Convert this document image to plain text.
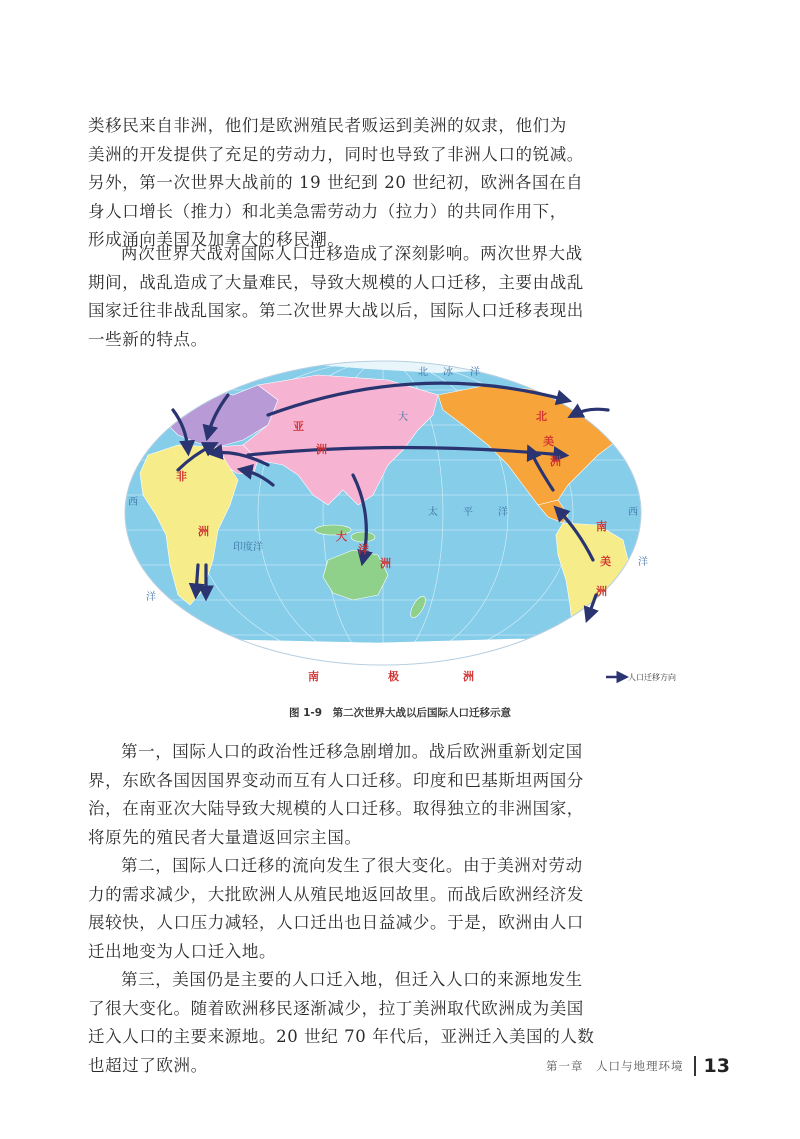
类移民来自非洲，他们是欧洲殖民者贩运到美洲的奴隶，他们为
美洲的开发提供了充足的劳动力，同时也导致了非洲人口的锐减。
另外，第一次世界大战前的 19 世纪到 20 世纪初，欧洲各国在自
身人口增长（推力）和北美急需劳动力（拉力）的共同作用下，
形成涌向美国及加拿大的移民潮。
两次世界大战对国际人口迁移造成了深刻影响。两次世界大战
期间，战乱造成了大量难民，导致大规模的人口迁移，主要由战乱
国家迁往非战乱国家。第二次世界大战以后，国际人口迁移表现出
一些新的特点。
北 冰 洋
太	平	洋
大
西
洋
西
洋
印度洋
亚
洲
非
洲
北
美
洲
南
美
洲
大
洋
洲
南	极	洲	人口迁移方向
图 1-9　第二次世界大战以后国际人口迁移示意
第一，国际人口的政治性迁移急剧增加。战后欧洲重新划定国
界，东欧各国因国界变动而互有人口迁移。印度和巴基斯坦两国分
治，在南亚次大陆导致大规模的人口迁移。取得独立的非洲国家，
将原先的殖民者大量遣返回宗主国。
第二，国际人口迁移的流向发生了很大变化。由于美洲对劳动
力的需求减少，大批欧洲人从殖民地返回故里。而战后欧洲经济发
展较快，人口压力减轻，人口迁出也日益减少。于是，欧洲由人口
迁出地变为人口迁入地。
第三，美国仍是主要的人口迁入地，但迁入人口的来源地发生
了很大变化。随着欧洲移民逐渐减少，拉丁美洲取代欧洲成为美国
迁入人口的主要来源地。20 世纪 70 年代后，亚洲迁入美国的人数
也超过了欧洲。	第一章　人口与地理环境 13
